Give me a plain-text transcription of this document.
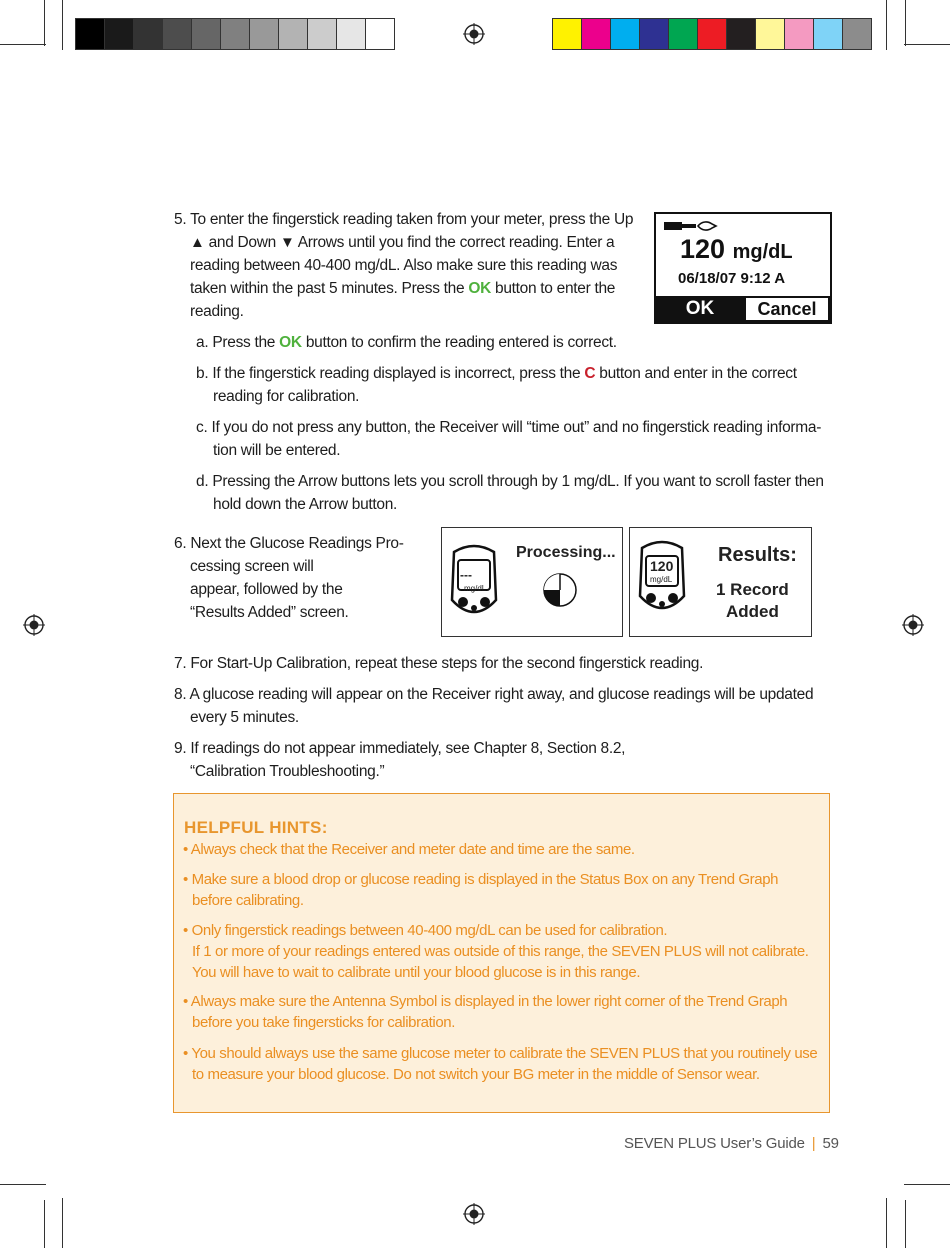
5. To enter the fingerstick reading taken from your meter, press the Up
▲ and Down ▼ Arrows until you find the correct reading. Enter a
reading between 40-400 mg/dL. Also make sure this reading was
taken within the past 5 minutes. Press the OK button to enter the
reading.
120 mg/dL
06/18/07 9:12 A
OK	Cancel
a. Press the OK button to confirm the reading entered is correct.
b. If the fingerstick reading displayed is incorrect, press the C button and enter in the correct
reading for calibration.
c. If you do not press any button, the Receiver will “time out” and no fingerstick reading informa-
tion will be entered.
d. Pressing the Arrow buttons lets you scroll through by 1 mg/dL. If you want to scroll faster then
hold down the Arrow button.
6. Next the Glucose Readings Pro-
cessing screen will
appear, followed by the
“Results Added” screen.
---
mg/dL
Processing...
120
mg/dL
Results:
1 Record
Added
7. For Start-Up Calibration, repeat these steps for the second fingerstick reading.
8. A glucose reading will appear on the Receiver right away, and glucose readings will be updated
every 5 minutes.
9. If readings do not appear immediately, see Chapter 8, Section 8.2,
“Calibration Troubleshooting.”
HELPFUL HINTS:
• Always check that the Receiver and meter date and time are the same.
• Make sure a blood drop or glucose reading is displayed in the Status Box on any Trend Graph
before calibrating.
• Only fingerstick readings between 40-400 mg/dL can be used for calibration.
If 1 or more of your readings entered was outside of this range, the SEVEN PLUS will not calibrate.
You will have to wait to calibrate until your blood glucose is in this range.
• Always make sure the Antenna Symbol is displayed in the lower right corner of the Trend Graph
before you take fingersticks for calibration.
• You should always use the same glucose meter to calibrate the SEVEN PLUS that you routinely use
to measure your blood glucose. Do not switch your BG meter in the middle of Sensor wear.
SEVEN PLUS User’s Guide | 59
